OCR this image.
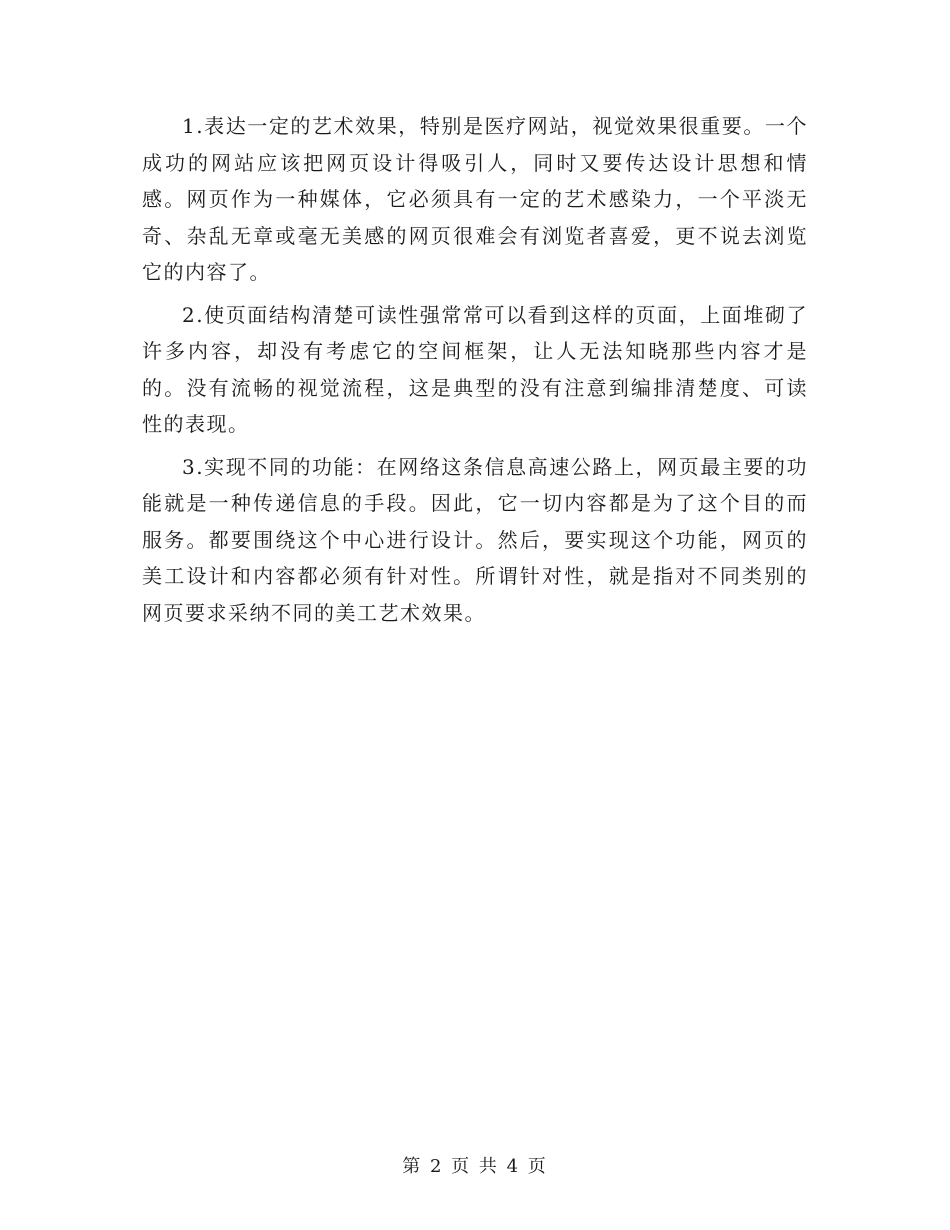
1.表达一定的艺术效果，特别是医疗网站，视觉效果很重要。一个成功的网站应该把网页设计得吸引人，同时又要传达设计思想和情感。网页作为一种媒体，它必须具有一定的艺术感染力，一个平淡无奇、杂乱无章或毫无美感的网页很难会有浏览者喜爱，更不说去浏览它的内容了。

2.使页面结构清楚可读性强常常可以看到这样的页面，上面堆砌了许多内容，却没有考虑它的空间框架，让人无法知晓那些内容才是的。没有流畅的视觉流程，这是典型的没有注意到编排清楚度、可读性的表现。

3.实现不同的功能：在网络这条信息高速公路上，网页最主要的功能就是一种传递信息的手段。因此，它一切内容都是为了这个目的而服务。都要围绕这个中心进行设计。然后，要实现这个功能，网页的美工设计和内容都必须有针对性。所谓针对性，就是指对不同类别的网页要求采纳不同的美工艺术效果。

第 2 页 共 4 页
